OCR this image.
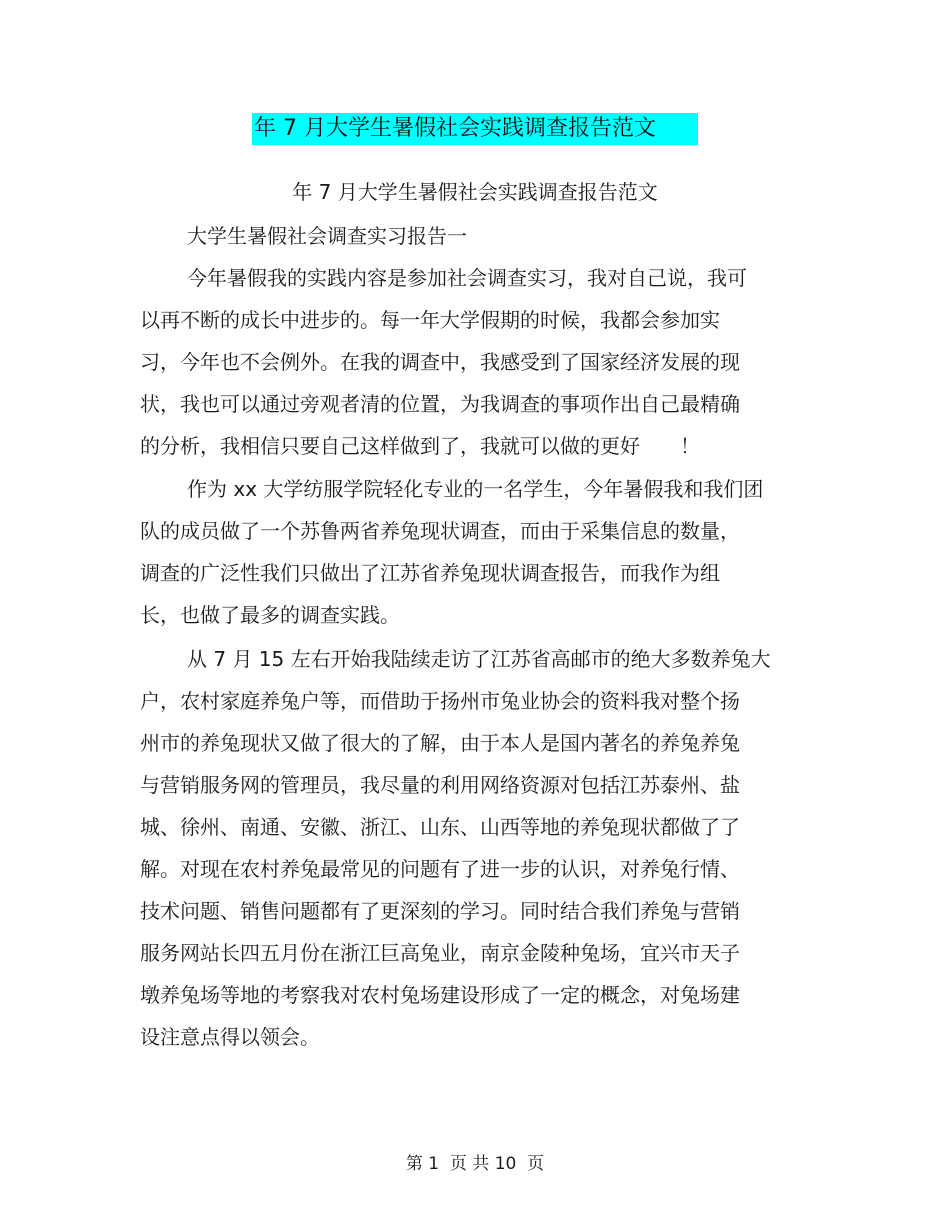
年 7 月大学生暑假社会实践调查报告范文
年 7 月大学生暑假社会实践调查报告范文
大学生暑假社会调查实习报告一
今年暑假我的实践内容是参加社会调查实习，我对自己说，我可
以再不断的成长中进步的。每一年大学假期的时候，我都会参加实
习，今年也不会例外。在我的调查中，我感受到了国家经济发展的现
状，我也可以通过旁观者清的位置，为我调查的事项作出自己最精确
的分析，我相信只要自己这样做到了，我就可以做的更好　　！
作为 xx 大学纺服学院轻化专业的一名学生，今年暑假我和我们团
队的成员做了一个苏鲁两省养兔现状调查，而由于采集信息的数量，
调查的广泛性我们只做出了江苏省养兔现状调查报告，而我作为组
长，也做了最多的调查实践。
从 7 月 15 左右开始我陆续走访了江苏省高邮市的绝大多数养兔大
户，农村家庭养兔户等，而借助于扬州市兔业协会的资料我对整个扬
州市的养兔现状又做了很大的了解，由于本人是国内著名的养兔养兔
与营销服务网的管理员，我尽量的利用网络资源对包括江苏泰州、盐
城、徐州、南通、安徽、浙江、山东、山西等地的养兔现状都做了了
解。对现在农村养兔最常见的问题有了进一步的认识，对养兔行情、
技术问题、销售问题都有了更深刻的学习。同时结合我们养兔与营销
服务网站长四五月份在浙江巨高兔业，南京金陵种兔场，宜兴市天子
墩养兔场等地的考察我对农村兔场建设形成了一定的概念，对兔场建
设注意点得以领会。
第 1  页 共 10  页
